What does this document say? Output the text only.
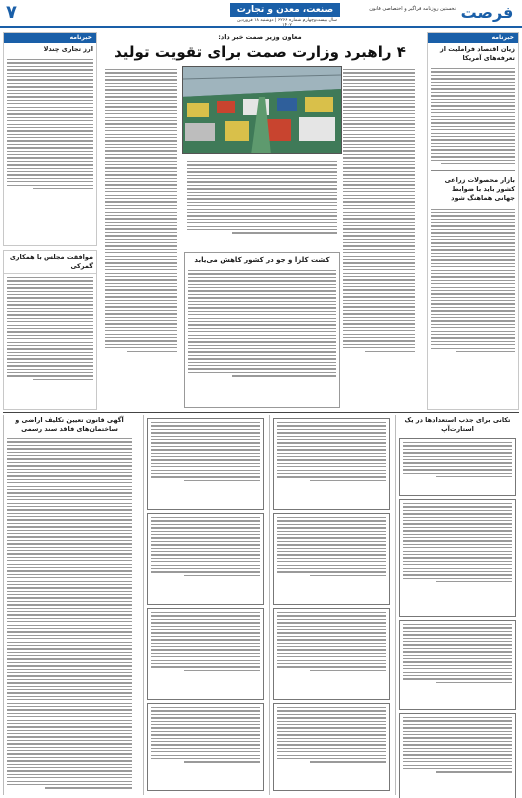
فرصت
نخستین روزنامه فراگیر و اختصاصی قانون
صنعت، معدن و تجارت
سال بیست‌وچهارم شماره ۶۲۶۶ | دوشنبه ۱۸ فروردین ۱۴۰۲
۷
خبرنامه
زیان اقتصاد فراملیت از تعرفه‌های آمریکا
بازار محصولات زراعی کشور باید با ضوابط جهانی هماهنگ شود
خبرنامه
ارز تجاری چندلا
موافقت مجلس با همکاری گمرکی
معاون وزیر صمت خبر داد:
۴ راهبرد وزارت صمت برای تقویت تولید
کشت کلزا و جو در کشور کاهش می‌یابد
تکانی برای جذب استعدادها در یک استارت‌آپ
آگهی قانون تعیین تکلیف اراضی و ساختمان‌های فاقد سند رسمی
